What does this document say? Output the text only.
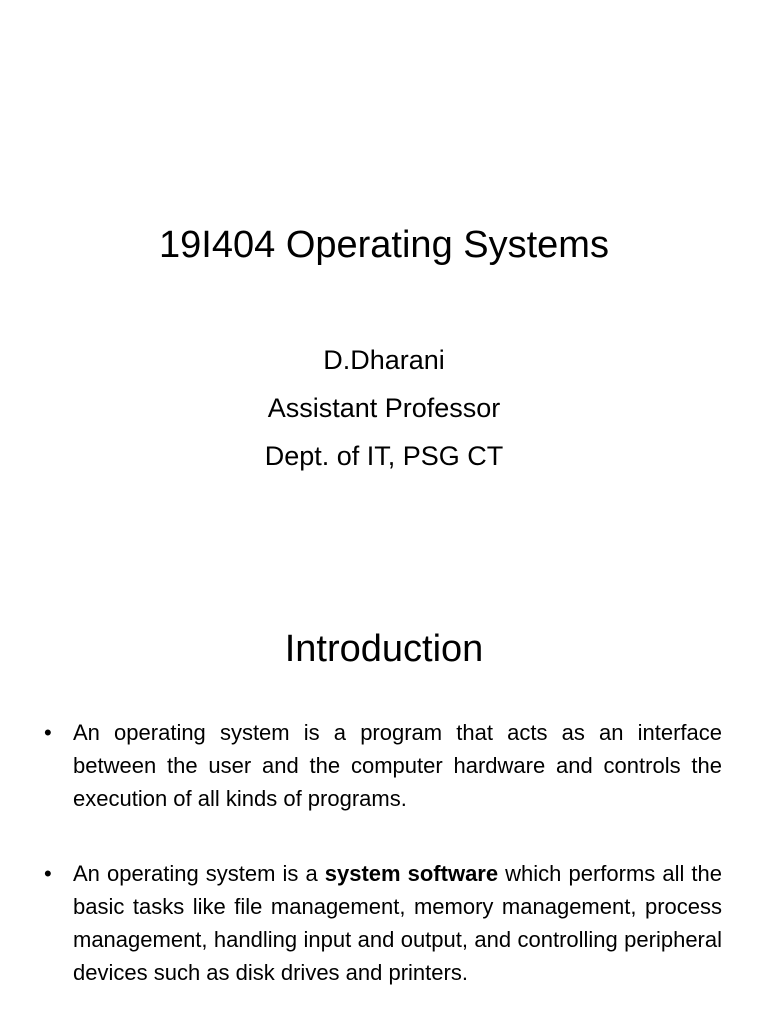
19I404 Operating Systems
D.Dharani
Assistant Professor
Dept. of IT, PSG CT
Introduction
• An operating system is a program that acts as an interface between the user and the computer hardware and controls the execution of all kinds of programs.
• An operating system is a system software which performs all the basic tasks like file management, memory management, process management, handling input and output, and controlling peripheral devices such as disk drives and printers.
